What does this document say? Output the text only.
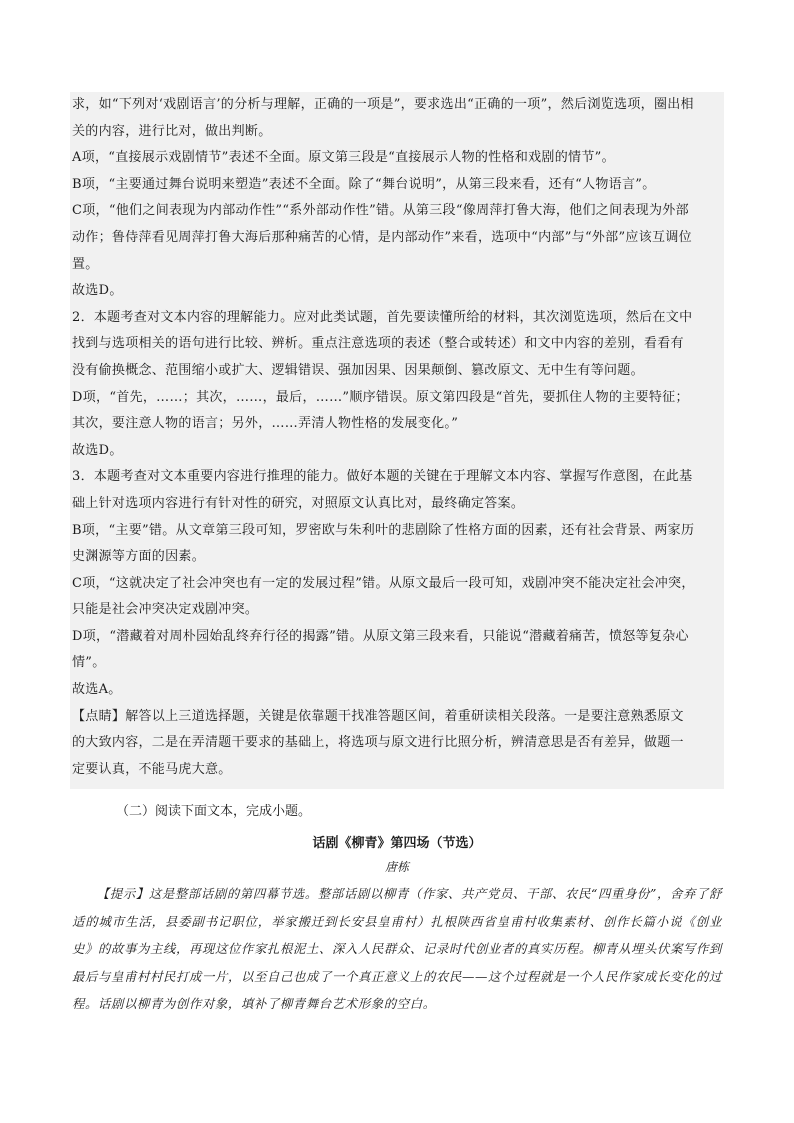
求，如“下列对‘戏剧语言’的分析与理解，正确的一项是”，要求选出“正确的一项”，然后浏览选项，圈出相

关的内容，进行比对，做出判断。

A项，“直接展示戏剧情节”表述不全面。原文第三段是“直接展示人物的性格和戏剧的情节”。

B项，“主要通过舞台说明来塑造”表述不全面。除了“舞台说明”，从第三段来看，还有“人物语言”。

C项，“他们之间表现为内部动作性”“系外部动作性”错。从第三段“像周萍打鲁大海，他们之间表现为外部

动作；鲁侍萍看见周萍打鲁大海后那种痛苦的心情，是内部动作”来看，选项中“内部”与“外部”应该互调位

置。

故选D。

2．本题考查对文本内容的理解能力。应对此类试题，首先要读懂所给的材料，其次浏览选项，然后在文中

找到与选项相关的语句进行比较、辨析。重点注意选项的表述（整合或转述）和文中内容的差别，看看有

没有偷换概念、范围缩小或扩大、逻辑错误、强加因果、因果颠倒、篡改原文、无中生有等问题。

D项，“首先，……；其次，……，最后，……”顺序错误。原文第四段是“首先，要抓住人物的主要特征；

其次，要注意人物的语言；另外，……弄清人物性格的发展变化。”

故选D。

3．本题考查对文本重要内容进行推理的能力。做好本题的关键在于理解文本内容、掌握写作意图，在此基

础上针对选项内容进行有针对性的研究，对照原文认真比对，最终确定答案。

B项，“主要”错。从文章第三段可知，罗密欧与朱利叶的悲剧除了性格方面的因素，还有社会背景、两家历

史渊源等方面的因素。

C项，“这就决定了社会冲突也有一定的发展过程”错。从原文最后一段可知，戏剧冲突不能决定社会冲突，

只能是社会冲突决定戏剧冲突。

D项，“潜藏着对周朴园始乱终弃行径的揭露”错。从原文第三段来看，只能说“潜藏着痛苦，愤怒等复杂心

情”。

故选A。

【点睛】解答以上三道选择题，关键是依靠题干找准答题区间，着重研读相关段落。一是要注意熟悉原文

的大致内容，二是在弄清题干要求的基础上，将选项与原文进行比照分析，辨清意思是否有差异，做题一

定要认真，不能马虎大意。

（二）阅读下面文本，完成小题。
话剧《柳青》第四场（节选）
唐栋
【提示】这是整部话剧的第四幕节选。整部话剧以柳青（作家、共产党员、干部、农民“四重身份”，舍弃了舒适的城市生活，县委副书记职位，举家搬迁到长安县皇甫村）扎根陕西省皇甫村收集素材、创作长篇小说《创业史》的故事为主线，再现这位作家扎根泥土、深入人民群众、记录时代创业者的真实历程。柳青从埋头伏案写作到最后与皇甫村村民打成一片，以至自己也成了一个真正意义上的农民——这个过程就是一个人民作家成长变化的过程。话剧以柳青为创作对象，填补了柳青舞台艺术形象的空白。
